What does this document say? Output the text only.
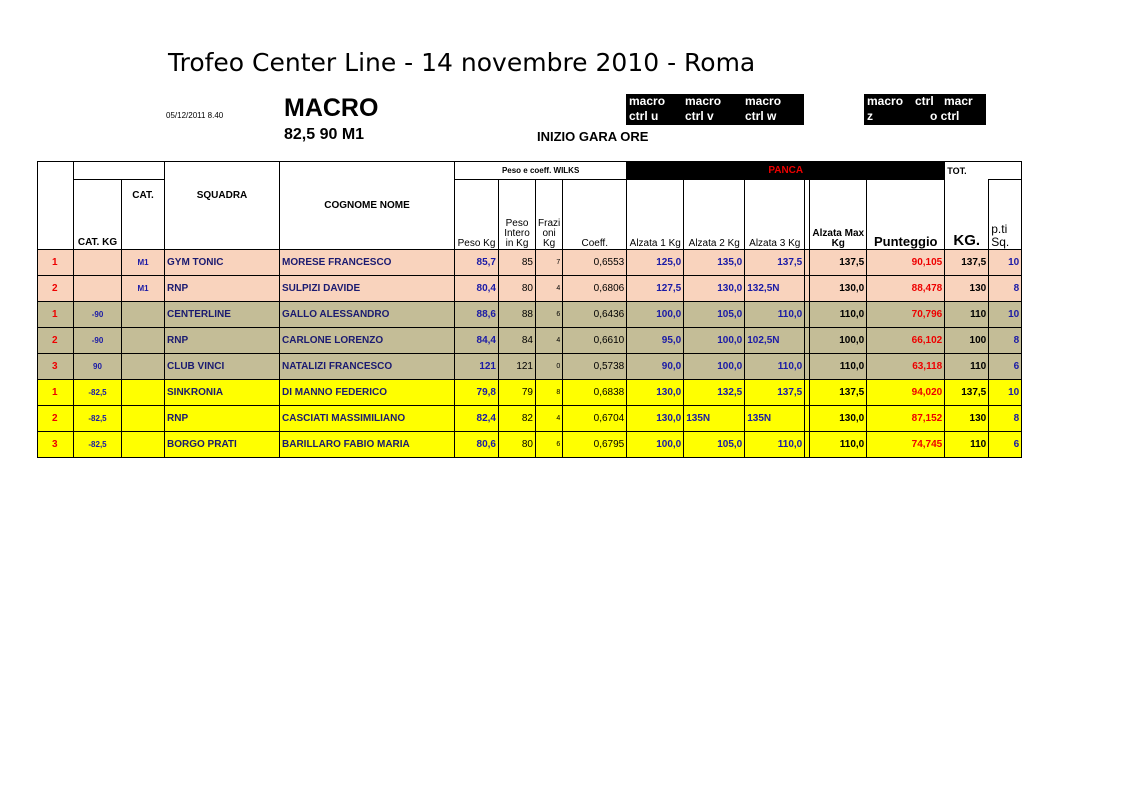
Trofeo Center Line - 14 novembre 2010 - Roma
05/12/2011 8.40 MACRO
82,5 90 M1	INIZIO GARA ORE
macro
ctrl u
macro
ctrl v
macro
ctrl w
macro
z
ctrl macr
o ctrl
				COGNOME NOME	Peso e coeff. WILKS				PANCA						TOT.	
	CAT. KG	CAT.	SQUADRA		Peso Kg	Peso Intero in Kg	Frazi oni Kg	Coeff.	Alzata 1 Kg	Alzata 2 Kg	Alzata 3 Kg		Alzata Max Kg	Punteggio	KG.	p.ti Sq.
1		M1	GYM TONIC	MORESE FRANCESCO	85,7	85	7	0,6553	125,0	135,0	137,5		137,5	90,105	137,5	10
2		M1	RNP	SULPIZI DAVIDE	80,4	80	4	0,6806	127,5	130,0	132,5N		130,0	88,478	130	8
1	-90		CENTERLINE	GALLO ALESSANDRO	88,6	88	6	0,6436	100,0	105,0	110,0		110,0	70,796	110	10
2	-90		RNP	CARLONE LORENZO	84,4	84	4	0,6610	95,0	100,0	102,5N		100,0	66,102	100	8
3	90		CLUB VINCI	NATALIZI FRANCESCO	121	121	0	0,5738	90,0	100,0	110,0		110,0	63,118	110	6
1	-82,5		SINKRONIA	DI MANNO FEDERICO	79,8	79	8	0,6838	130,0	132,5	137,5		137,5	94,020	137,5	10
2	-82,5		RNP	CASCIATI MASSIMILIANO	82,4	82	4	0,6704	130,0	135N	135N		130,0	87,152	130	8
3	-82,5		BORGO PRATI	BARILLARO FABIO MARIA	80,6	80	6	0,6795	100,0	105,0	110,0		110,0	74,745	110	6
